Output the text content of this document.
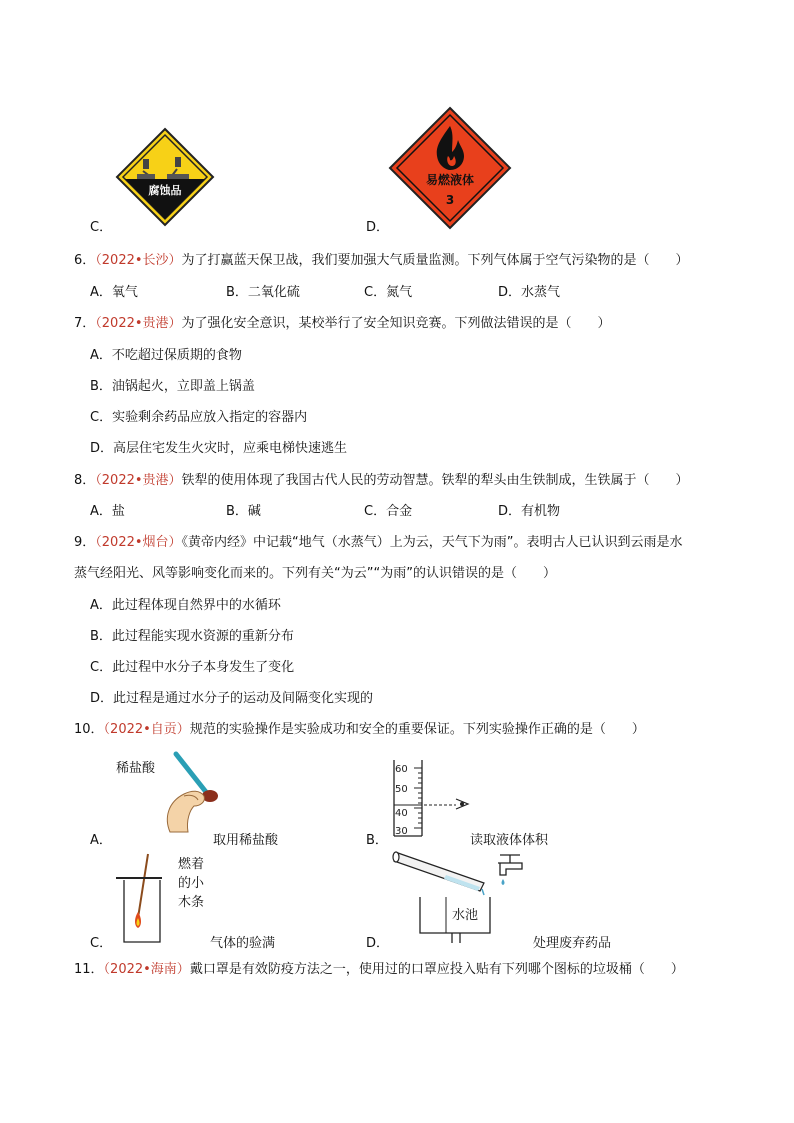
腐蚀品
C．
易燃液体
3
D．
6．（2022•长沙）为了打赢蓝天保卫战，我们要加强大气质量监测。下列气体属于空气污染物的是（　　）
A．氧气	B．二氧化硫	C．氮气	D．水蒸气
7．（2022•贵港）为了强化安全意识，某校举行了安全知识竞赛。下列做法错误的是（　　）
A．不吃超过保质期的食物
B．油锅起火，立即盖上锅盖
C．实验剩余药品应放入指定的容器内
D．高层住宅发生火灾时，应乘电梯快速逃生
8．（2022•贵港）铁犁的使用体现了我国古代人民的劳动智慧。铁犁的犁头由生铁制成，生铁属于（　　）
A．盐	B．碱	C．合金	D．有机物
9．（2022•烟台）《黄帝内经》中记载“地气（水蒸气）上为云，天气下为雨”。表明古人已认识到云雨是水
蒸气经阳光、风等影响变化而来的。下列有关“为云”“为雨”的认识错误的是（　　）
A．此过程体现自然界中的水循环
B．此过程能实现水资源的重新分布
C．此过程中水分子本身发生了变化
D．此过程是通过水分子的运动及间隔变化实现的
10．（2022•自贡）规范的实验操作是实验成功和安全的重要保证。下列实验操作正确的是（　　）
稀盐酸
A．	取用稀盐酸
60
50
40
30
B．	读取液体体积
燃着
的小
木条
C．	气体的验满
水池
D．	处理废弃药品
11．（2022•海南）戴口罩是有效防疫方法之一，使用过的口罩应投入贴有下列哪个图标的垃圾桶（　　）
